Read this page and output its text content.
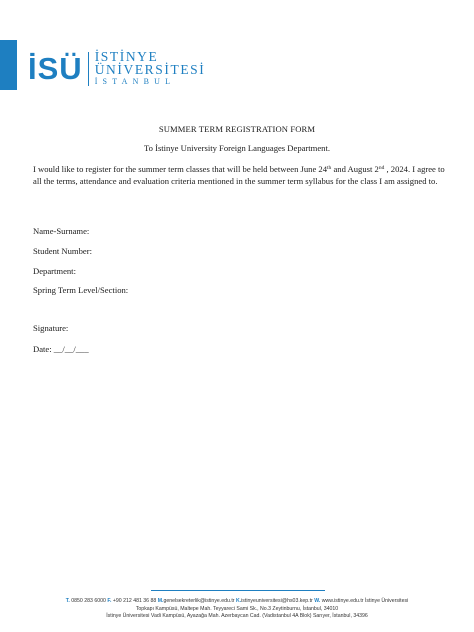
İSÜ İSTİNYE
ÜNİVERSİTESİ
İSTANBUL
SUMMER TERM REGISTRATION FORM
To İstinye University Foreign Languages Department.
I would like to register for the summer term classes that will be held between June 24th and August 2nd , 2024. I agree to all the terms, attendance and evaluation criteria mentioned in the summer term syllabus for the class I am assigned to.
Name-Surname:
Student Number:
Department:
Spring Term Level/Section:
Signature:
Date: __/__/___
T. 0850 283 6000 F. +90 212 481 36 88 M.genelsekreterlik@istinye.edu.tr K.istinyeuniversitesi@hs03.kep.tr W. www.istinye.edu.tr İstinye Üniversitesi
Topkapı Kampüsü, Maltepe Mah. Teyyareci Sami Sk., No.3 Zeytinburnu, İstanbul, 34010
İstinye Üniversitesi Vadi Kampüsü, Ayazağa Mah. Azerbaycan Cad. (Vadistanbul 4A Blok) Sarıyer, İstanbul, 34396
